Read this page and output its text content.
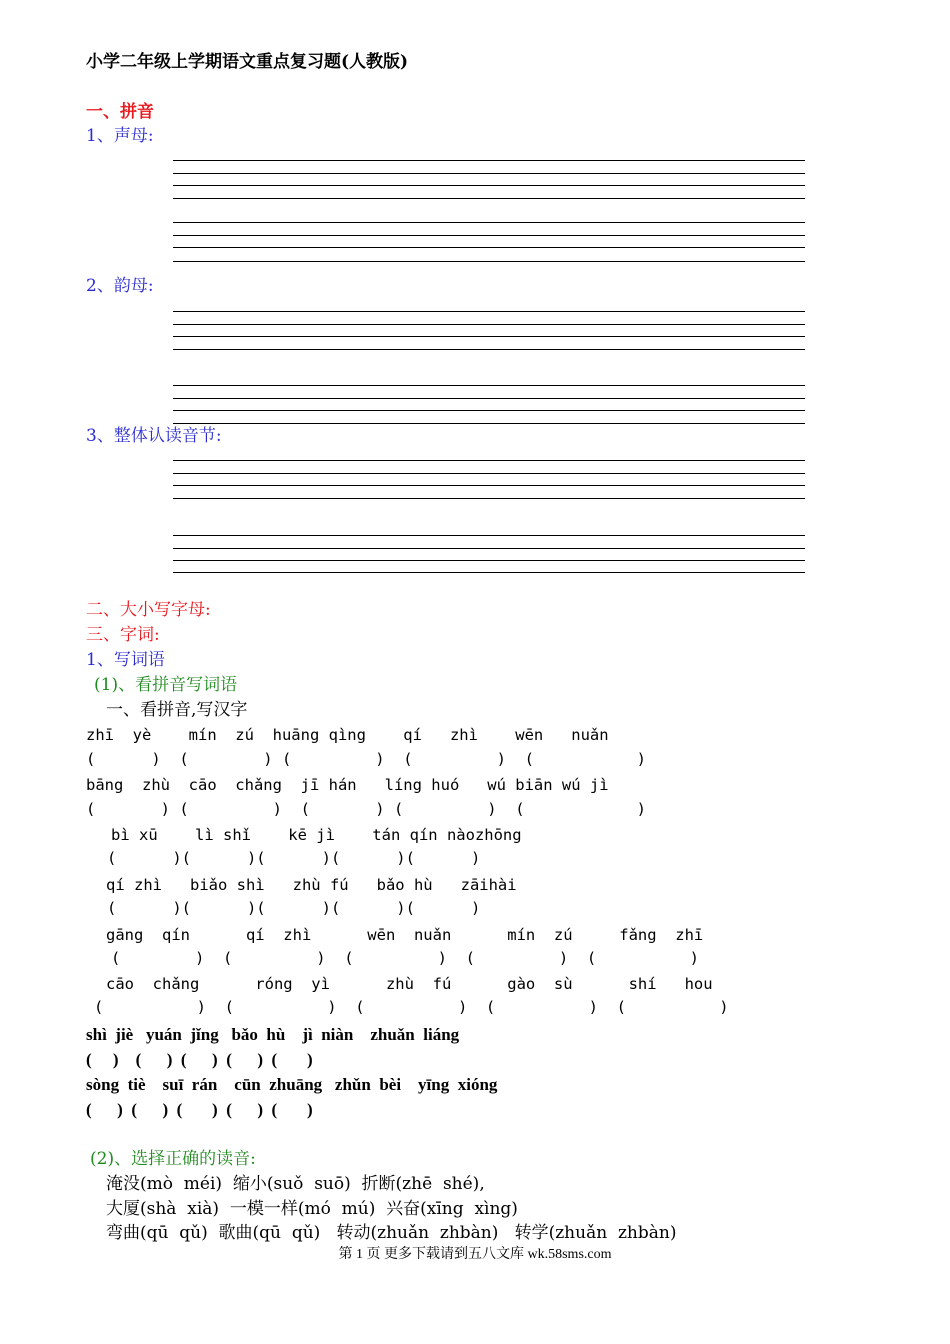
小学二年级上学期语文重点复习题(人教版)
一、拼音
1、声母:
2、韵母:
3、整体认读音节:
二、大小写字母:
三、字词:
1、写词语
(1)、看拼音写词语
一、看拼音,写汉字
zhī  yè    mín  zú  huāng qìng    qí   zhì    wēn   nuǎn
(      )  (        ) (         )  (         )  (           )
bāng  zhù  cāo  chǎng  jī hán   líng huó   wú biān wú jì
(       ) (         )  (       ) (         )  (            )
bì xū    lì shǐ    kē jì    tán qín nàozhōng
(      )(      )(      )(      )(      )
qí zhì   biǎo shì   zhù fú   bǎo hù   zāihài
(      )(      )(      )(      )(      )
gāng  qín      qí  zhì      wēn  nuǎn      mín  zú     fǎng  zhī
(        )  (         )  (         )  (         )  (          )
cāo  chǎng      róng  yì      zhù  fú      gào  sù      shí   hou
(          )  (          )  (          )  (          )  (          )
shì  jiè   yuán  jǐng   bǎo  hù    jì  niàn    zhuǎn  liáng
(     )    (      )  (      )  (      )  (       )
sòng  tiè    suī  rán    cūn  zhuāng   zhǔn  bèi    yīng  xióng
(      )  (      )  (       )  (      )  (       )
(2)、选择正确的读音:
淹没(mò  méi)  缩小(suǒ  suō)  折断(zhē  shé),
大厦(shà  xià)  一模一样(mó  mú)  兴奋(xīng  xìng)
弯曲(qū  qǔ)  歌曲(qū  qǔ)   转动(zhuǎn  zhbàn)   转学(zhuǎn  zhbàn)
第 1 页 更多下载请到五八文库 wk.58sms.com
